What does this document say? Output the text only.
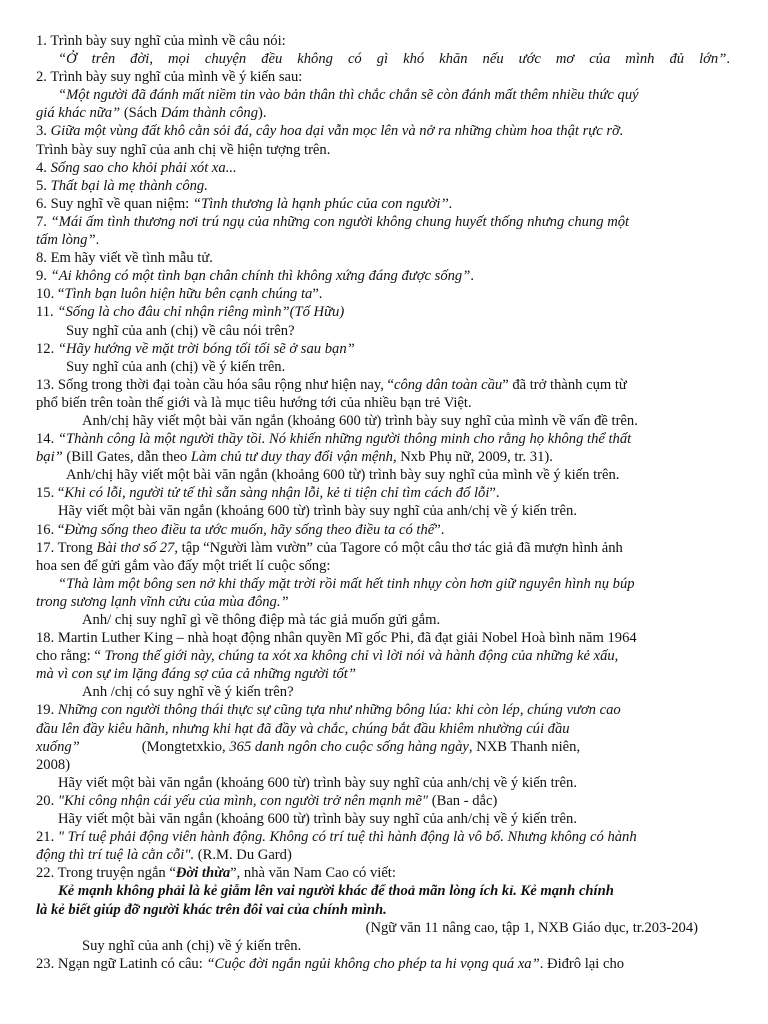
1. Trình bày suy nghĩ của mình về câu nói:
“Ở trên đời, mọi chuyện đều không có gì khó khăn nếu ước mơ của mình đủ lớn”.
2. Trình bày suy nghĩ của mình về ý kiến sau:
“Một người đã đánh mất niềm tin vào bản thân thì chắc chắn sẽ còn đánh mất thêm nhiều thức quý
giá khác nữa” (Sách Dám thành công).
3. Giữa một vùng đất khô cằn sỏi đá, cây hoa dại vẫn mọc lên và nở ra những chùm hoa thật rực rỡ.
Trình bày suy nghĩ của anh chị về hiện tượng trên.
4. Sống sao cho khỏi phải xót xa...
5. Thất bại là mẹ thành công.
6. Suy nghĩ về quan niệm: “Tình thương là hạnh phúc của con người’’.
7. “Mái ấm tình thương nơi trú ngụ của những con người không chung huyết thống nhưng chung một
tấm lòng”.
8. Em hãy viết về tình mẫu tử.
9. “Ai không có một tình bạn chân chính thì không xứng đáng được sống”.
10. “Tình bạn luôn hiện hữu bên cạnh chúng ta”.
11. “Sống là cho đâu chỉ nhận riêng mình”(Tố Hữu)
Suy nghĩ của anh (chị) về câu nói trên?
12. “Hãy hướng về mặt trời bóng tối tối sẽ ở sau bạn”
Suy nghĩ của anh (chị) về ý kiến trên.
13. Sống trong thời đại toàn cầu hóa sâu rộng như hiện nay, “công dân toàn cầu” đã trở thành cụm từ
phổ biến trên toàn thế giới và là mục tiêu hướng tới của nhiều bạn trẻ Việt.
Anh/chị hãy viết một bài văn ngắn (khoảng 600 từ) trình bày suy nghĩ của mình về vấn đề trên.
14. “Thành công là một người thầy tồi. Nó khiến những người thông minh cho rằng họ không thể thất
bại” (Bill Gates, dẫn theo Làm chủ tư duy thay đổi vận mệnh, Nxb Phụ nữ, 2009, tr. 31).
Anh/chị hãy viết một bài văn ngắn (khoảng 600 từ) trình bày suy nghĩ của mình về ý kiến trên.
15. “Khi có lỗi, người tử tế thì sẵn sàng nhận lỗi, kẻ ti tiện chỉ tìm cách đổ lỗi”.
Hãy viết một bài văn ngắn (khoảng 600 từ) trình bày suy nghĩ của anh/chị về ý kiến trên.
16. “Đừng sống theo điều ta ước muốn, hãy sống theo điều ta có thể”.
17. Trong Bài thơ số 27, tập “Người làm vườn” của Tagore có một câu thơ tác giả đã mượn hình ảnh
hoa sen để gửi gắm vào đấy một triết lí cuộc sống:
“Thà làm một bông sen nở khi thấy mặt trời rồi mất hết tinh nhụy còn hơn giữ nguyên hình nụ búp
trong sương lạnh vĩnh cửu của mùa đông.”
Anh/ chị suy nghĩ gì về thông điệp mà tác giả muốn gửi gắm.
18. Martin Luther King – nhà hoạt động nhân quyền Mĩ gốc Phi, đã đạt giải Nobel Hoà bình năm 1964
cho rằng: “ Trong thế giới này, chúng ta xót xa không chỉ vì lời nói và hành động của những kẻ xấu,
mà vì con sự im lặng đáng sợ của cả những người tốt”
Anh /chị có suy nghĩ về ý kiến trên?
19. Những con người thông thái thực sự cũng tựa như những bông lúa: khi còn lép, chúng vươn cao
đầu lên đầy kiêu hãnh, nhưng khi hạt đã đầy và chắc, chúng bắt đầu khiêm nhường cúi đầu
xuống”	(Mongtetxkio, 365 danh ngôn cho cuộc sống hàng ngày, NXB Thanh niên,
2008)
Hãy viết một bài văn ngắn (khoảng 600 từ) trình bày suy nghĩ của anh/chị về ý kiến trên.
20. "Khi công nhận cái yếu của mình, con người trở nên mạnh mẽ" (Ban - dắc)
Hãy viết một bài văn ngắn (khoảng 600 từ) trình bày suy nghĩ của anh/chị về ý kiến trên.
21. " Trí tuệ phải động viên hành động. Không có trí tuệ thì hành động là vô bổ. Nhưng không có hành
động thì trí tuệ là cằn cỗi". (R.M. Du Gard)
22. Trong truyện ngắn “Đời thừa”, nhà văn Nam Cao có viết:
Kẻ mạnh không phải là kẻ giẫm lên vai người khác để thoả mãn lòng ích kỉ. Kẻ mạnh chính
là kẻ biết giúp đỡ người khác trên đôi vai của chính mình.
(Ngữ văn 11 nâng cao, tập 1, NXB Giáo dục, tr.203-204)
Suy nghĩ của anh (chị) về ý kiến trên.
23. Ngạn ngữ Latinh có câu: “Cuộc đời ngắn ngủi không cho phép ta hi vọng quá xa”. Điđrô lại cho
